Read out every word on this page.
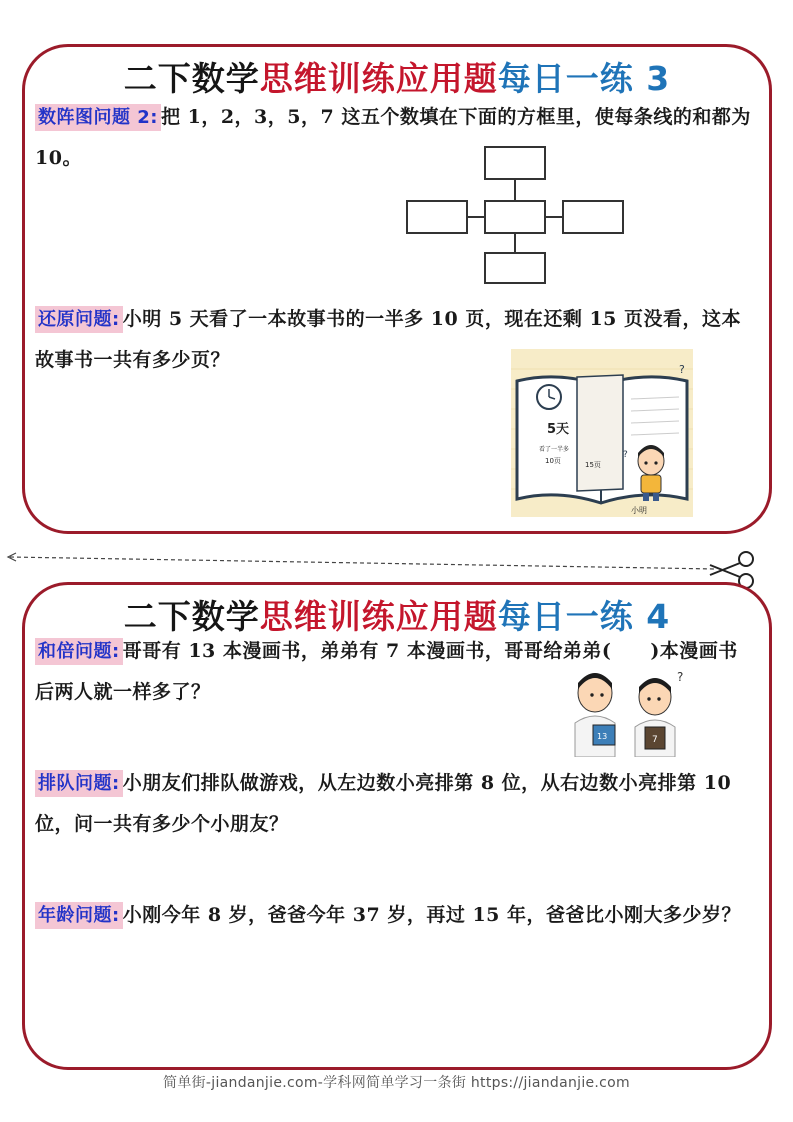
二下数学思维训练应用题每日一练 3
数阵图问题 2: 把 1，2，3，5，7 这五个数填在下面的方框里，使每条线的和都为 10。
还原问题: 小明 5 天看了一本故事书的一半多 10 页，现在还剩 15 页没看，这本故事书一共有多少页？
5天
看了一半多
10页	15页
?
?
小明
二下数学思维训练应用题每日一练 4
和倍问题: 哥哥有 13 本漫画书，弟弟有 7 本漫画书，哥哥给弟弟(　　)本漫画书后两人就一样多了？
13	7
?
排队问题: 小朋友们排队做游戏，从左边数小亮排第 8 位，从右边数小亮排第 10 位，问一共有多少个小朋友？
年龄问题: 小刚今年 8 岁，爸爸今年 37 岁，再过 15 年，爸爸比小刚大多少岁？
简单街-jiandanjie.com-学科网简单学习一条街 https://jiandanjie.com
